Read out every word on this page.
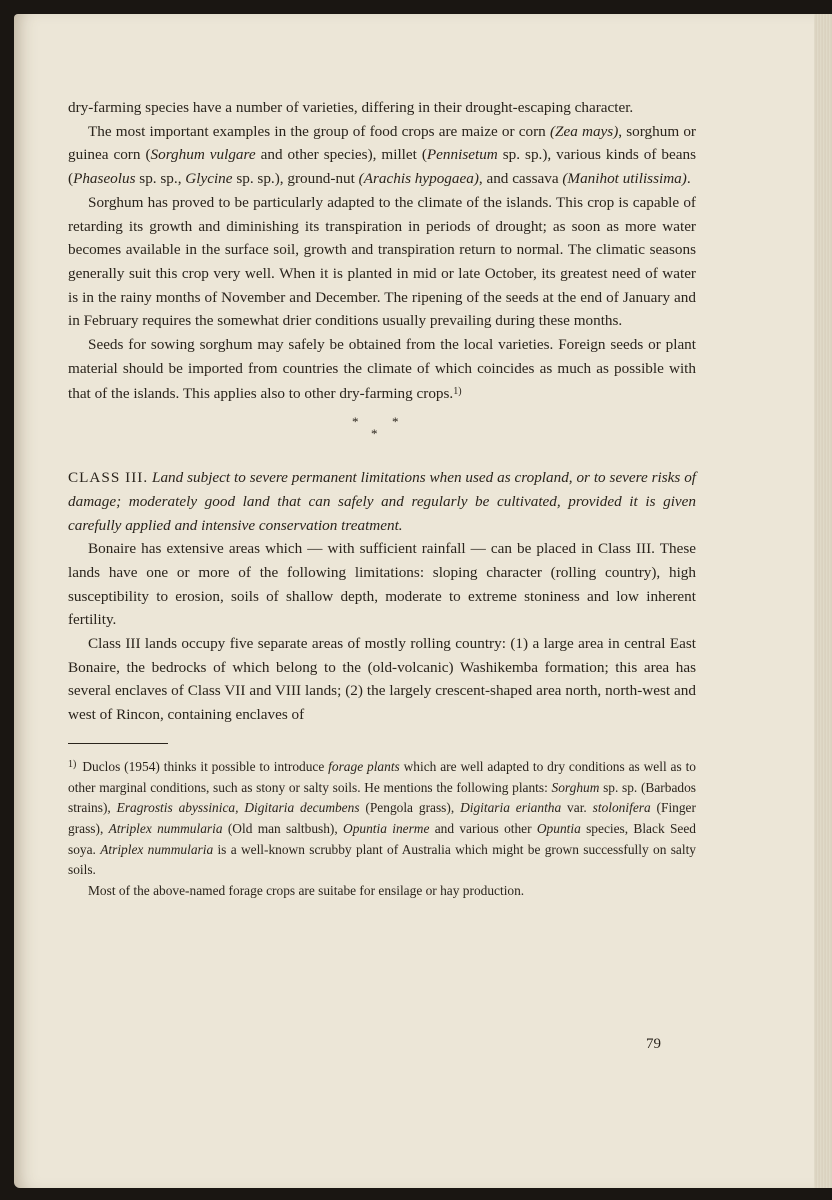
dry-farming species have a number of varieties, differing in their drought-escaping character.

The most important examples in the group of food crops are maize or corn (Zea mays), sorghum or guinea corn (Sorghum vulgare and other species), millet (Pennisetum sp. sp.), various kinds of beans (Phaseolus sp. sp., Glycine sp. sp.), ground-nut (Arachis hypogaea), and cassava (Manihot utilissima).

Sorghum has proved to be particularly adapted to the climate of the islands. This crop is capable of retarding its growth and diminishing its transpiration in periods of drought; as soon as more water becomes available in the surface soil, growth and transpiration return to normal. The climatic seasons generally suit this crop very well. When it is planted in mid or late October, its greatest need of water is in the rainy months of November and December. The ripening of the seeds at the end of January and in February requires the somewhat drier conditions usually prevailing during these months.

Seeds for sowing sorghum may safely be obtained from the local varieties. Foreign seeds or plant material should be imported from countries the climate of which coincides as much as possible with that of the islands. This applies also to other dry-farming crops.$^{1)}$

*
*
*

CLASS III. Land subject to severe permanent limitations when used as cropland, or to severe risks of damage; moderately good land that can safely and regularly be cultivated, provided it is given carefully applied and intensive conservation treatment.

Bonaire has extensive areas which — with sufficient rainfall — can be placed in Class III. These lands have one or more of the following limitations: sloping character (rolling country), high susceptibility to erosion, soils of shallow depth, moderate to extreme stoniness and low inherent fertility.

Class III lands occupy five separate areas of mostly rolling country: (1) a large area in central East Bonaire, the bedrocks of which belong to the (old-volcanic) Washikemba formation; this area has several enclaves of Class VII and VIII lands; (2) the largely crescent-shaped area north, north-west and west of Rincon, containing enclaves of

$^{1)}$ Duclos (1954) thinks it possible to introduce forage plants which are well adapted to dry conditions as well as to other marginal conditions, such as stony or salty soils. He mentions the following plants: Sorghum sp. sp. (Barbados strains), Eragrostis abyssinica, Digitaria decumbens (Pengola grass), Digitaria eriantha var. stolonifera (Finger grass), Atriplex nummularia (Old man saltbush), Opuntia inerme and various other Opuntia species, Black Seed soya. Atriplex nummularia is a well-known scrubby plant of Australia which might be grown successfully on salty soils.

Most of the above-named forage crops are suitabe for ensilage or hay production.

79
